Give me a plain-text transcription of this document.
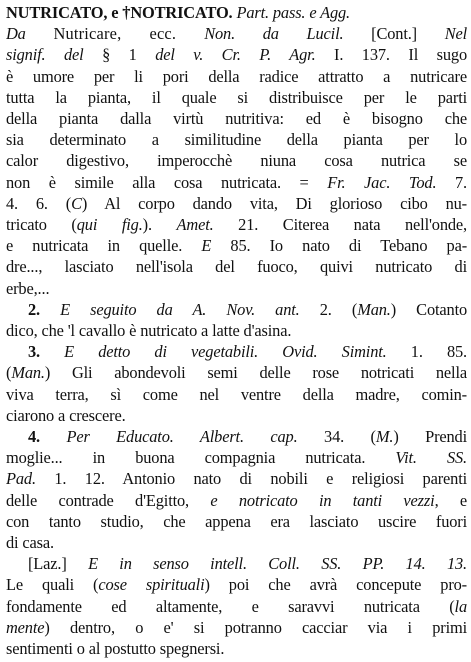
NUTRICATO, e †NOTRICATO. Part. pass. e Agg.
Da Nutricare, ecc. Non. da Lucil. [Cont.] Nel
signif. del § 1 del v. Cr. P. Agr. I. 137. Il sugo
è umore per li pori della radice attratto a nutricare
tutta la pianta, il quale si distribuisce per le parti
della pianta dalla virtù nutritiva: ed è bisogno che
sia determinato a similitudine della pianta per lo
calor digestivo, imperocchè niuna cosa nutrica se
non è simile alla cosa nutricata. = Fr. Jac. Tod. 7.
4. 6. (C) Al corpo dando vita, Di glorioso cibo nu-
tricato (qui fig.). Amet. 21. Citerea nata nell'onde,
e nutricata in quelle. E 85. Io nato di Tebano pa-
dre..., lasciato nell'isola del fuoco, quivi nutricato di
erbe,...
2. E seguito da A. Nov. ant. 2. (Man.) Cotanto
dico, che 'l cavallo è nutricato a latte d'asina.
3. E detto di vegetabili. Ovid. Simint. 1. 85.
(Man.) Gli abondevoli semi delle rose notricati nella
viva terra, sì come nel ventre della madre, comin-
ciarono a crescere.
4. Per Educato. Albert. cap. 34. (M.) Prendi
moglie... in buona compagnia nutricata. Vit. SS.
Pad. 1. 12. Antonio nato di nobili e religiosi parenti
delle contrade d'Egitto, e notricato in tanti vezzi, e
con tanto studio, che appena era lasciato uscire fuori
di casa.
[Laz.] E in senso intell. Coll. SS. PP. 14. 13.
Le quali (cose spirituali) poi che avrà concepute pro-
fondamente ed altamente, e saravvi nutricata (la
mente) dentro, o e' si potranno cacciar via i primi
sentimenti o al postutto spegnersi.
